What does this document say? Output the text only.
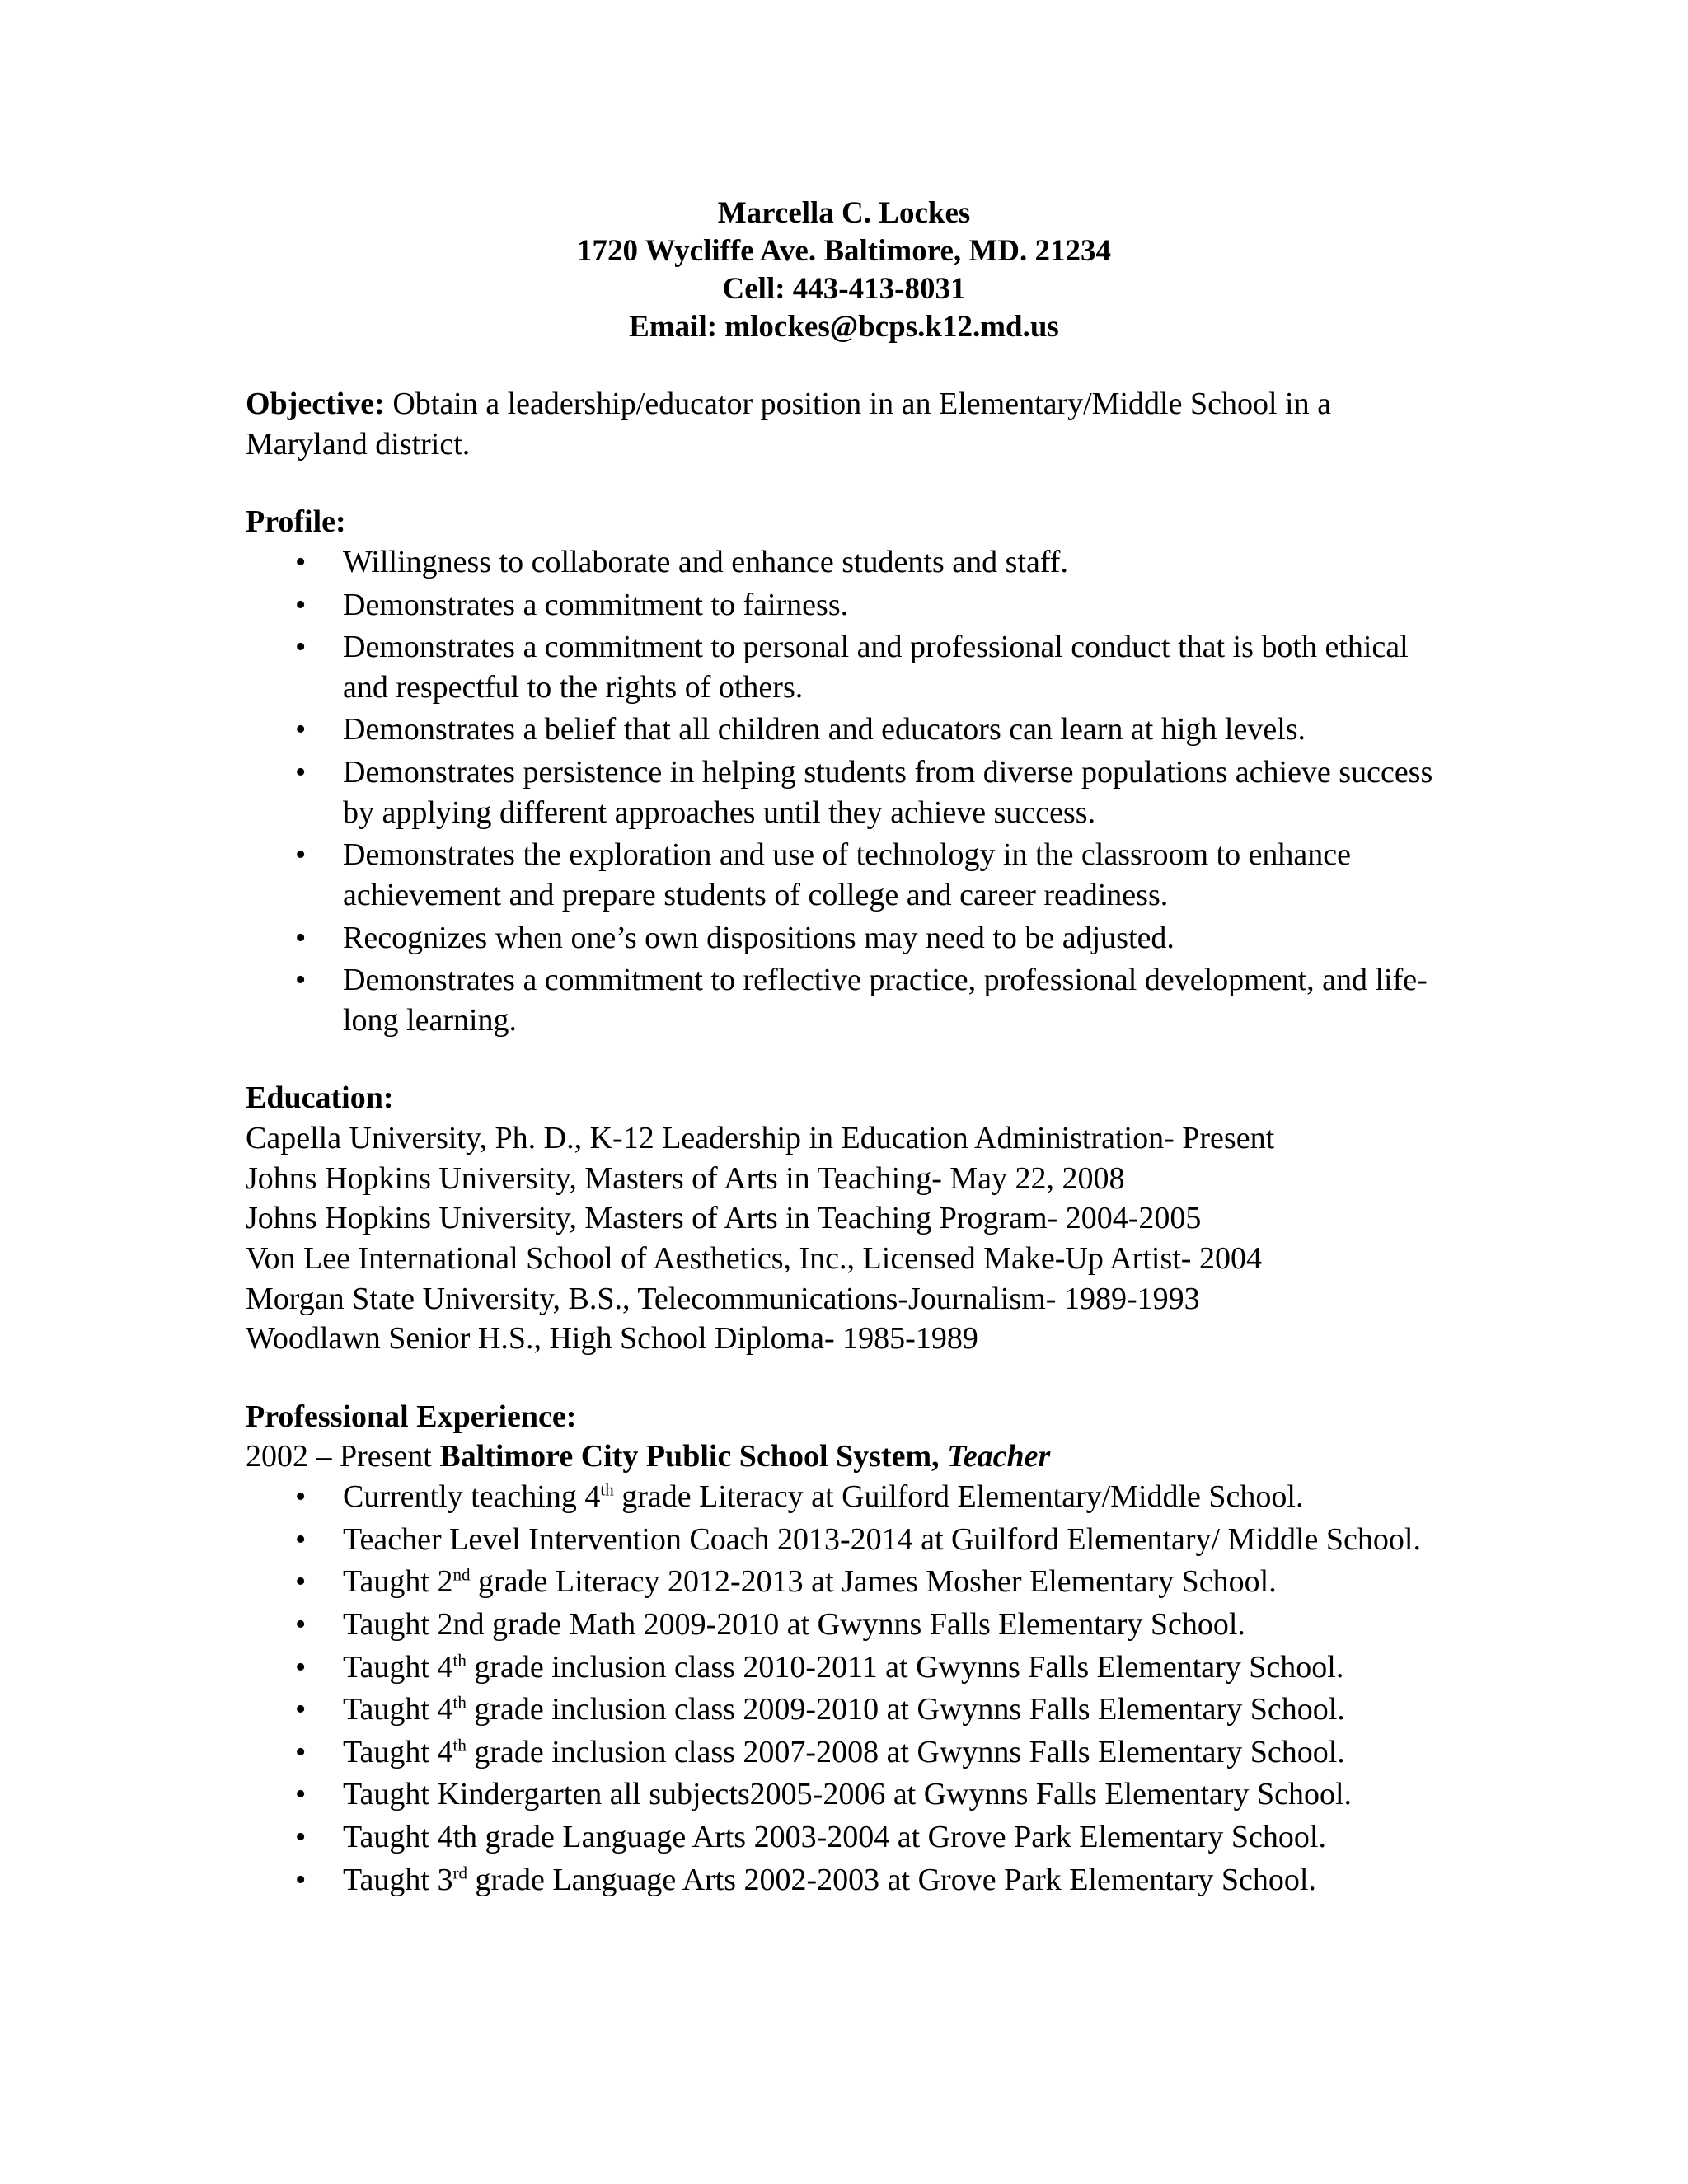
Marcella C. Lockes
1720 Wycliffe Ave. Baltimore, MD. 21234
Cell: 443-413-8031
Email: mlockes@bcps.k12.md.us

Objective: Obtain a leadership/educator position in an Elementary/Middle School in a Maryland district.

Profile:
• Willingness to collaborate and enhance students and staff.
• Demonstrates a commitment to fairness.
• Demonstrates a commitment to personal and professional conduct that is both ethical and respectful to the rights of others.
• Demonstrates a belief that all children and educators can learn at high levels.
• Demonstrates persistence in helping students from diverse populations achieve success by applying different approaches until they achieve success.
• Demonstrates the exploration and use of technology in the classroom to enhance achievement and prepare students of college and career readiness.
• Recognizes when one’s own dispositions may need to be adjusted.
• Demonstrates a commitment to reflective practice, professional development, and life-long learning.
Education:
Capella University, Ph. D., K-12 Leadership in Education Administration- Present
Johns Hopkins University, Masters of Arts in Teaching- May 22, 2008
Johns Hopkins University, Masters of Arts in Teaching Program- 2004-2005
Von Lee International School of Aesthetics, Inc., Licensed Make-Up Artist- 2004
Morgan State University, B.S., Telecommunications-Journalism- 1989-1993
Woodlawn Senior H.S., High School Diploma- 1985-1989
Professional Experience:
2002 – Present Baltimore City Public School System, Teacher
• Currently teaching 4th grade Literacy at Guilford Elementary/Middle School.
• Teacher Level Intervention Coach 2013-2014 at Guilford Elementary/ Middle School.
• Taught 2nd grade Literacy 2012-2013 at James Mosher Elementary School.
• Taught 2nd grade Math 2009-2010 at Gwynns Falls Elementary School.
• Taught 4th grade inclusion class 2010-2011 at Gwynns Falls Elementary School.
• Taught 4th grade inclusion class 2009-2010 at Gwynns Falls Elementary School.
• Taught 4th grade inclusion class 2007-2008 at Gwynns Falls Elementary School.
• Taught Kindergarten all subjects2005-2006 at Gwynns Falls Elementary School.
• Taught 4th grade Language Arts 2003-2004 at Grove Park Elementary School.
• Taught 3rd grade Language Arts 2002-2003 at Grove Park Elementary School.
